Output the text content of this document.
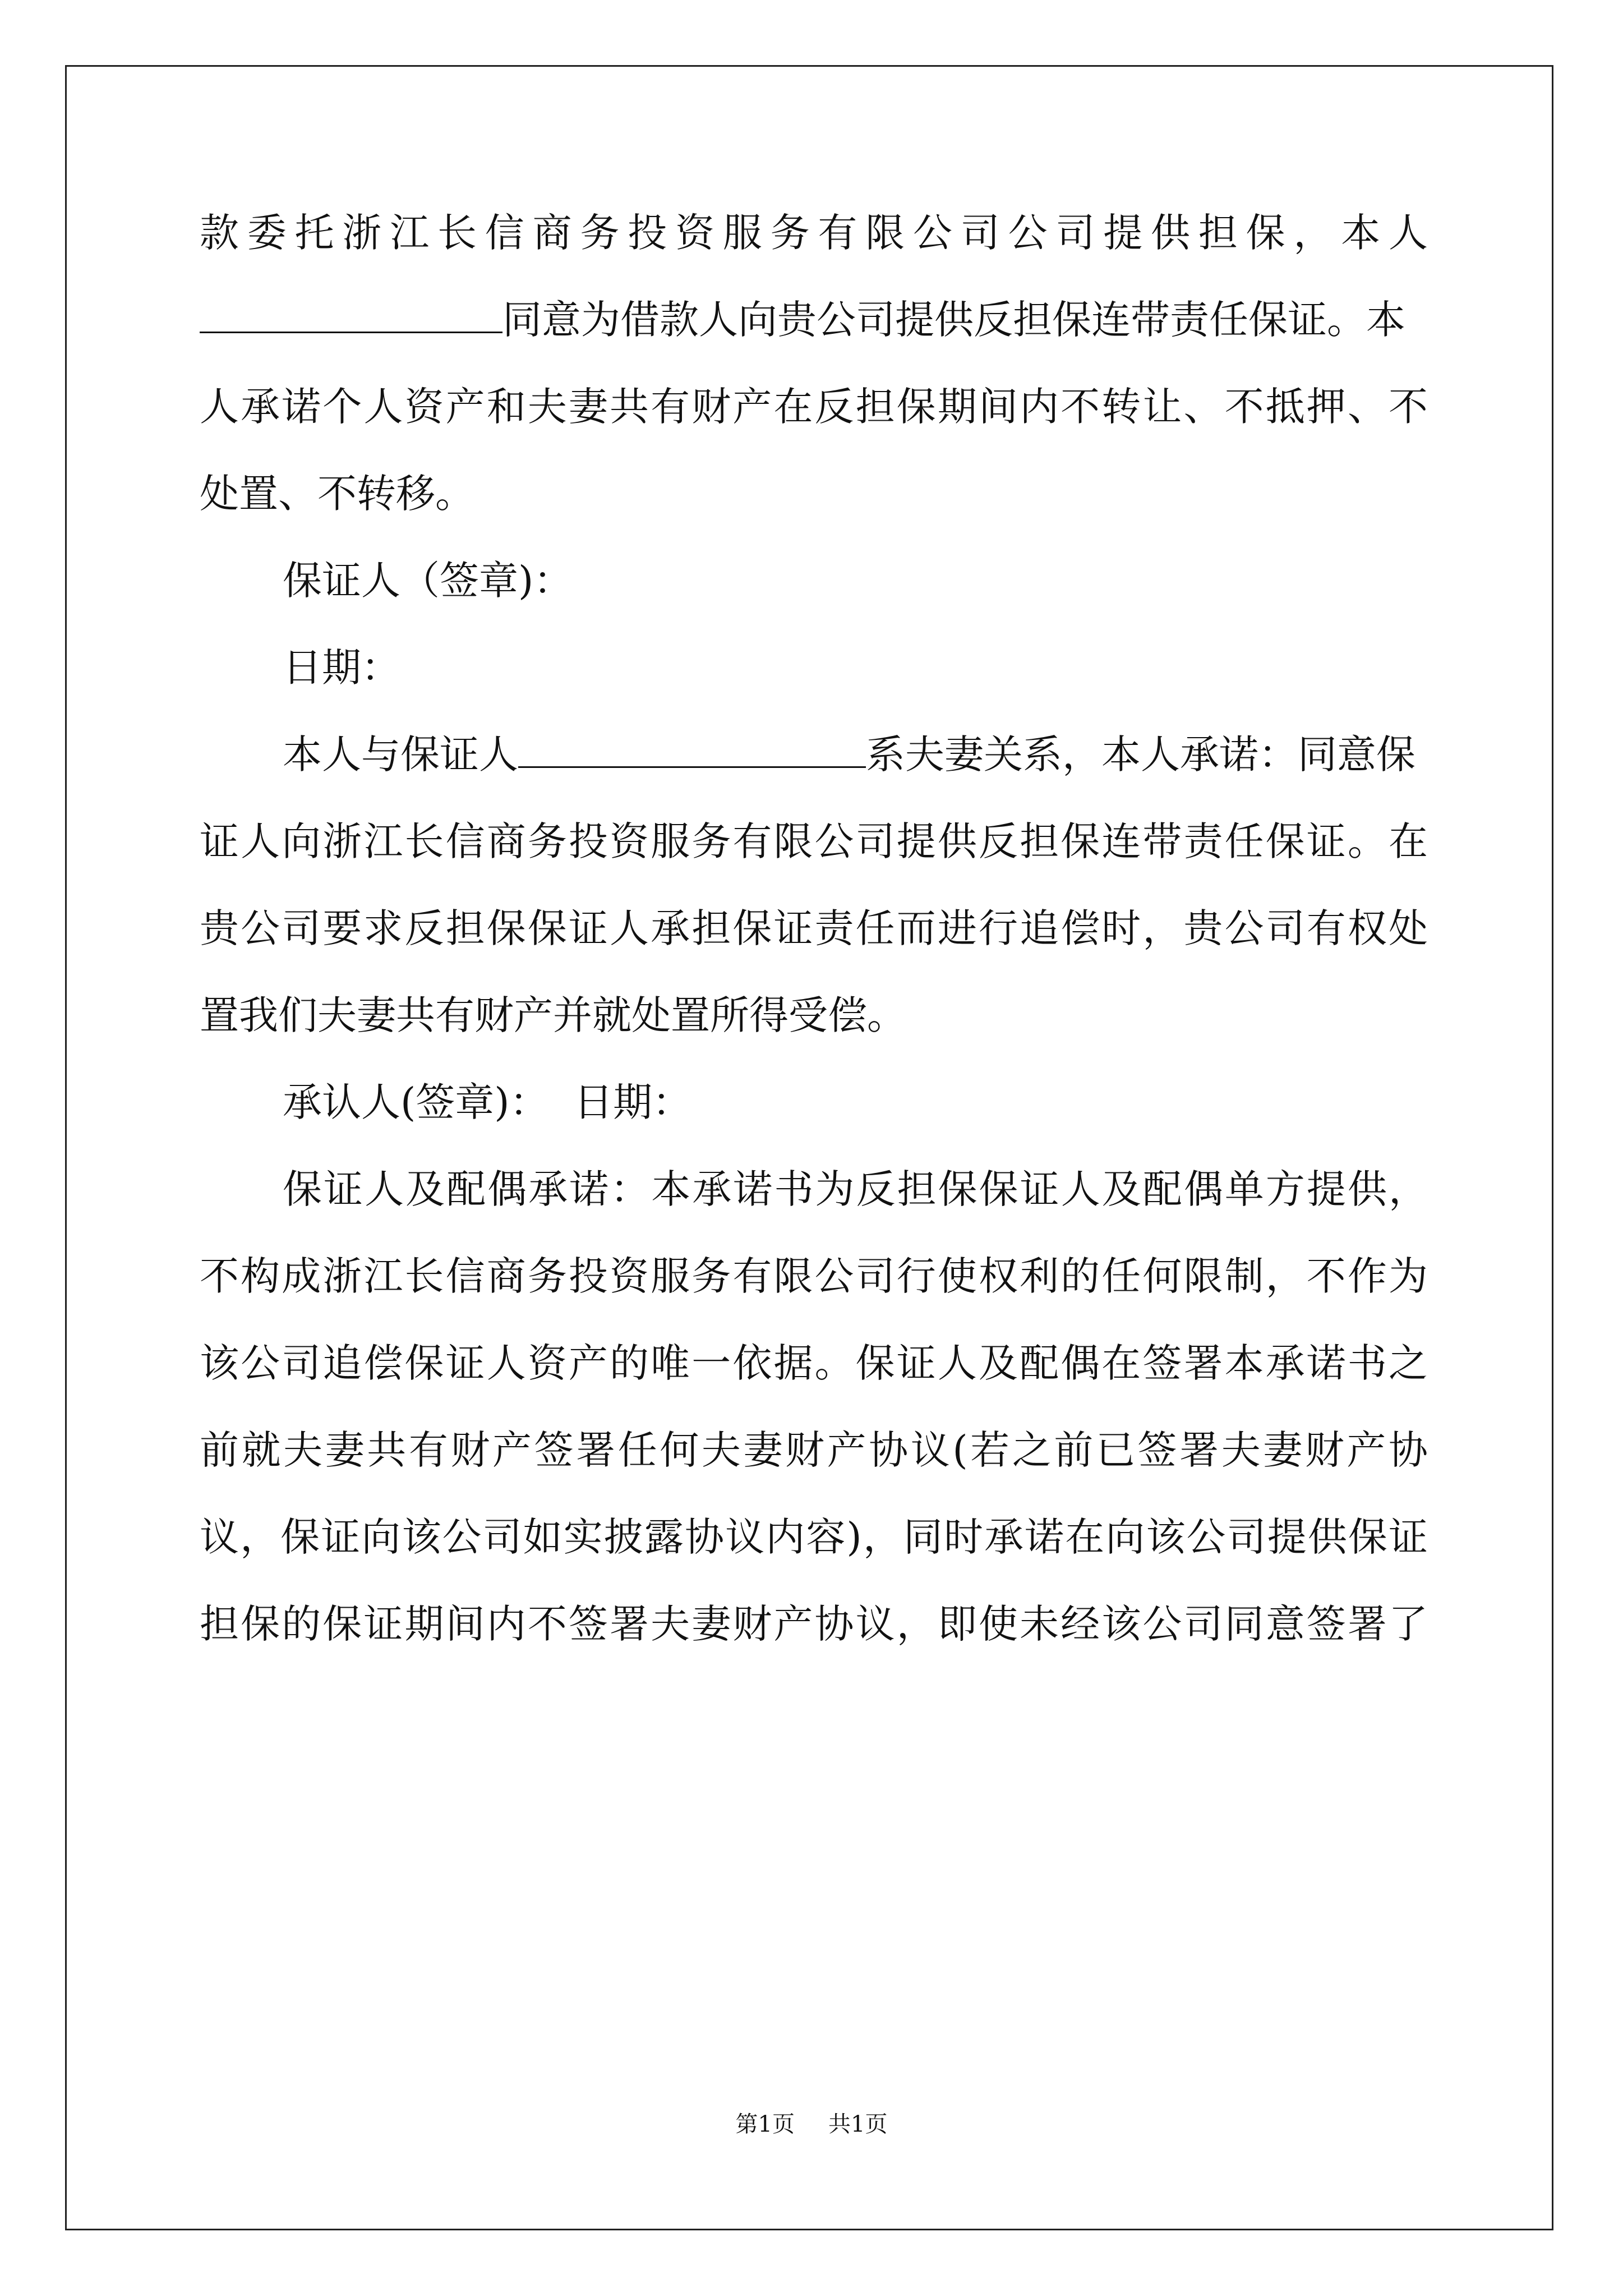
款委托浙江长信商务投资服务有限公司公司提供担保，本人
同意为借款人向贵公司提供反担保连带责任保证。本
人承诺个人资产和夫妻共有财产在反担保期间内不转让、不抵押、不
处置、不转移。
保证人（签章)：
日期：
本人与保证人	系夫妻关系，本人承诺：同意保
证人向浙江长信商务投资服务有限公司提供反担保连带责任保证。在
贵公司要求反担保保证人承担保证责任而进行追偿时，贵公司有权处
置我们夫妻共有财产并就处置所得受偿。
承认人(签章)：  日期：
保证人及配偶承诺：本承诺书为反担保保证人及配偶单方提供，
不构成浙江长信商务投资服务有限公司行使权利的任何限制，不作为
该公司追偿保证人资产的唯一依据。保证人及配偶在签署本承诺书之
前就夫妻共有财产签署任何夫妻财产协议(若之前已签署夫妻财产协
议，保证向该公司如实披露协议内容)，同时承诺在向该公司提供保证
担保的保证期间内不签署夫妻财产协议，即使未经该公司同意签署了
第1页 共1页
